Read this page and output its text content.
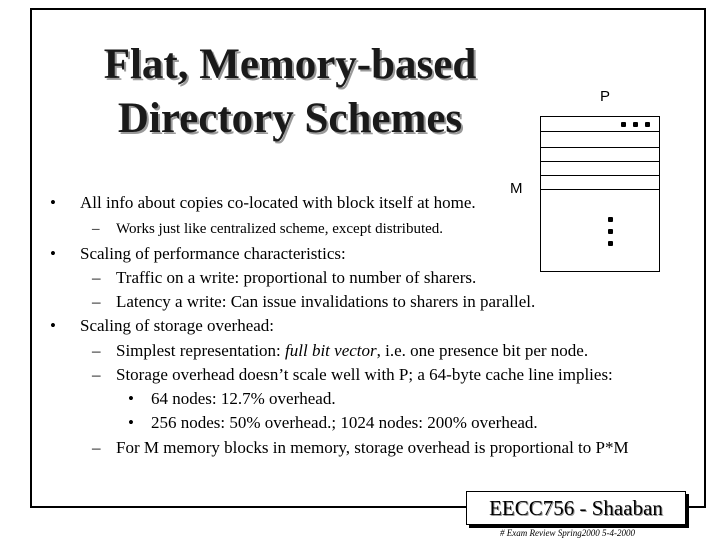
Flat, Memory-based
Directory Schemes	P
M
• All info about copies co-located with block itself at home.
– Works just like centralized scheme, except distributed.
• Scaling of performance characteristics:
– Traffic on a write: proportional to number of sharers.
– Latency a write: Can issue invalidations to sharers in parallel.
• Scaling of storage overhead:
– Simplest representation: full bit vector, i.e. one presence bit per node.
– Storage overhead doesn’t scale well with P; a 64-byte cache line implies:
• 64 nodes: 12.7% overhead.
• 256 nodes: 50% overhead.; 1024 nodes: 200% overhead.
– For M memory blocks in memory, storage overhead is proportional to P*M
EECC756 - Shaaban
# Exam Review Spring2000 5-4-2000
